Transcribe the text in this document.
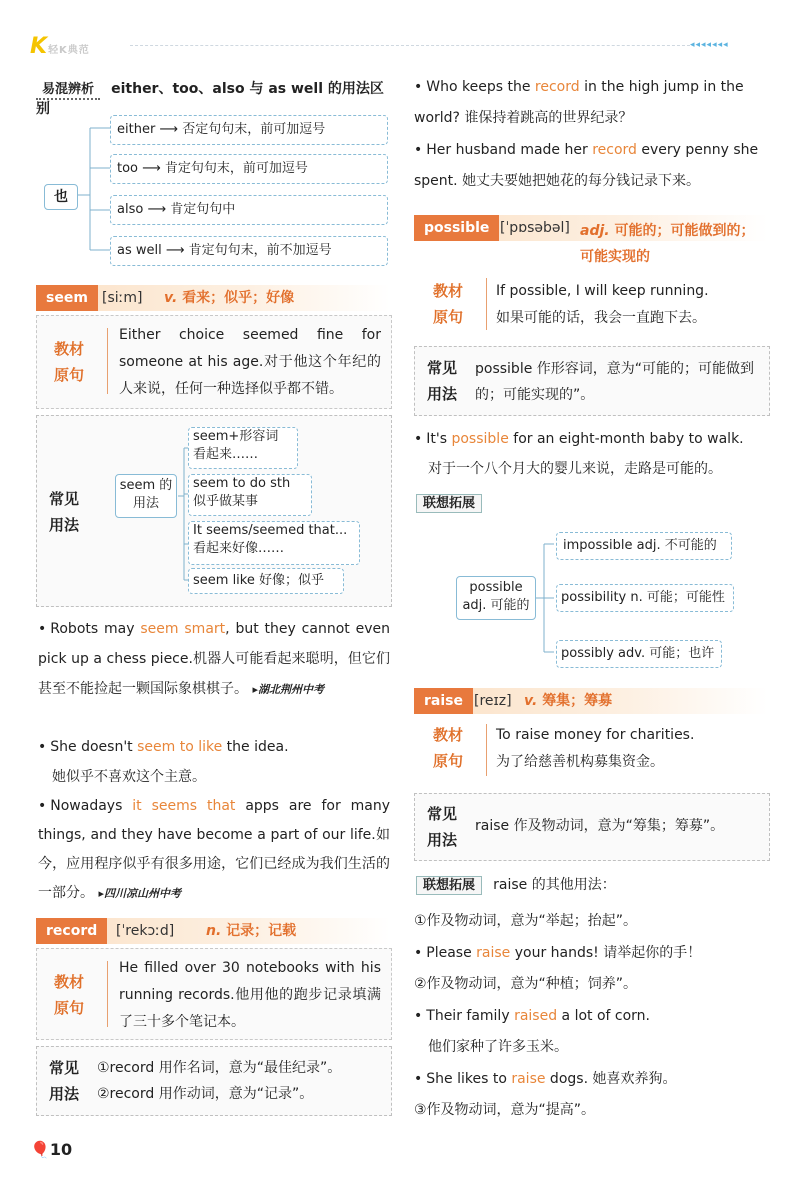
K轻K典范	◂◂◂◂◂◂◂
易混辨析 either、too、also 与 as well 的用法区别
也
either ⟶ 否定句句末，前可加逗号
too ⟶ 肯定句句末，前可加逗号
also ⟶ 肯定句句中
as well ⟶ 肯定句句末，前不加逗号
seem	[siːm] v. 看来；似乎；好像
教材原句
Either choice seemed fine for someone at his age.对于他这个年纪的人来说，任何一种选择似乎都不错。
常见用法
seem 的用法
seem+形容词
看起来……
seem to do sth
似乎做某事
It seems/seemed that...
看起来好像……
seem like 好像；似乎
• Robots may seem smart, but they cannot even pick up a chess piece.机器人可能看起来聪明，但它们甚至不能捡起一颗国际象棋棋子。 ▸湖北荆州中考
• She doesn't seem to like the idea.
她似乎不喜欢这个主意。
• Nowadays it seems that apps are for many things, and they have become a part of our life.如今，应用程序似乎有很多用途，它们已经成为我们生活的一部分。 ▸四川凉山州中考
record	[ˈrekɔːd] n. 记录；记载
教材原句
He filled over 30 notebooks with his running records.他用他的跑步记录填满了三十多个笔记本。
常见用法
①record 用作名词，意为“最佳纪录”。
②record 用作动词，意为“记录”。
🎈10
• Who keeps the record in the high jump in the world? 谁保持着跳高的世界纪录？
• Her husband made her record every penny she spent. 她丈夫要她把她花的每分钱记录下来。
possible [ˈpɒsəbəl] adj. 可能的；可能做到的；可能实现的
教材原句
If possible, I will keep running.
如果可能的话，我会一直跑下去。
常见用法
possible 作形容词，意为“可能的；可能做到的；可能实现的”。
• It's possible for an eight-month baby to walk.
对于一个八个月大的婴儿来说，走路是可能的。
联想拓展
possible
adj. 可能的
impossible adj. 不可能的
possibility n. 可能；可能性
possibly adv. 可能；也许
raise [reɪz] v. 筹集；筹募
教材原句
To raise money for charities.
为了给慈善机构募集资金。
常见用法
raise 作及物动词，意为“筹集；筹募”。
联想拓展 raise 的其他用法：
①作及物动词，意为“举起；抬起”。
• Please raise your hands! 请举起你的手！
②作及物动词，意为“种植；饲养”。
• Their family raised a lot of corn.
他们家种了许多玉米。
• She likes to raise dogs. 她喜欢养狗。
③作及物动词，意为“提高”。
